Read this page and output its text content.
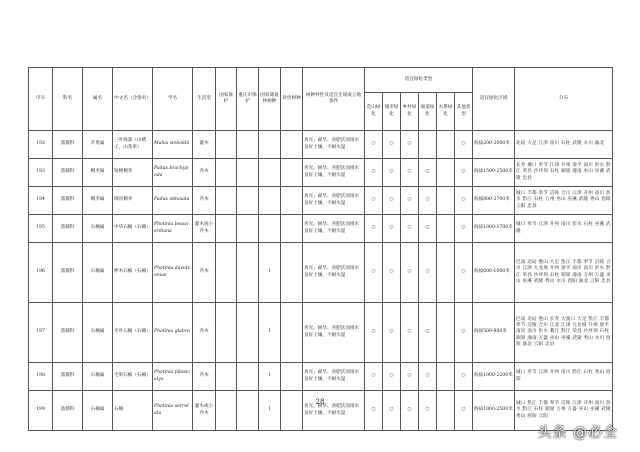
序号	科名	属名	中文名（含俗名）	学名	生活型	国家保护	重庆市保护	国家储备林树种	珍贵树种	树种特性及适宜生境或立地条件	适宜绿化类型						适宜绿化区域	分布
											荒山绿化	城市绿化	乡村绿化	通道绿化	水系绿化	其他类型		
192	蔷薇科	苹果属	三叶海棠（山楂子，山茶果）	Malus sieboldii	灌木					喜光、耐旱、喜肥沃而排水良好土壤，不耐水湿	○	○	○			○	海拔200-2000米	北碚 大足 江津 南川 石柱 武隆 永川 渝北
193	蔷薇科	稠李属	短梗稠李	Padus brachypoda	乔木					喜光、耐旱、喜肥沃而排水良好土壤，不耐水湿	○	○	○	○		○	海拔1500-2500米	长寿 城口 奉节 江津 开州 梁平 南川 彭水 黔江 荣昌 沙坪坝 石柱 铜梁 潼南 巫山 巫溪 武隆 忠县
194	蔷薇科	稠李属	细齿稠李	Padus obtusata	乔木					喜光、耐旱、喜肥沃而排水良好土壤，不耐水湿	○	○	○	○		○	海拔800-2700米	城口 丰都 奉节 涪陵 合川 江津 开州 南川 彭水 黔江 石柱 万州 巫山 巫溪 武隆 秀山 酉阳 云阳 忠县
195	蔷薇科	石楠属	中华石楠（石楠）	Photinia beauverdiana	灌木或小乔木					喜光、耐旱、喜肥沃而排水良好土壤，不耐水湿	○	○	○	○		○	海拔1000-1700米	城口 奉节 江津 开州 南川 彭水 石柱 巫溪 武隆
196	蔷薇科	石楠属	椤木石楠（石楠）	Photinia davidsoniae	乔木			I		喜光、耐旱、喜肥沃而排水良好土壤，不耐水湿	○	○	○	○		○	海拔600-1000米	巴南 北碚 璧山 大足 垫江 丰都 奉节 涪陵 合川 江津 九龙坡 开州 梁平 南岸 南川 彭水 黔江 荣昌 沙坪坝 石柱 铜梁 潼南 万州 万盛 巫山 巫溪 武隆 秀山 永川 酉阳 渝北 云阳 忠县
197	蔷薇科	石楠属	光叶石楠（石楠）	Photinia glabra	乔木			I		喜光、耐旱、喜肥沃而排水良好土壤，不耐水湿	○	○	○	○		○	海拔500-800米	巴南 北碚 璧山 长寿 大渡口 大足 垫江 丰都 奉节 涪陵 合川 江北 江津 九龙坡 开州 梁平 南岸 南川 彭水 綦江 黔江 荣昌 沙坪坝 石柱 铜梁 潼南 万盛 巫山 巫溪 武隆 秀山 永川 酉阳 渝北 云阳 忠县
198	蔷薇科	石楠属	毛果石楠（石楠）	Photinia pilosicalyx	乔木			I		喜光、耐旱、喜肥沃而排水良好土壤，不耐水湿	○	○	○	○		○	海拔1000-2200米	城口 奉节 江津 开州 南川 黔江 石柱 秀山 酉阳
199	蔷薇科	石楠属	石楠	Photinia serrulata	灌木或小乔木			I		喜光、耐旱、喜肥沃而排水良好土壤，不耐水湿	○	○	○	○		○	海拔1000-2500米	城口 垫江 丰都 奉节 涪陵 江津 开州 南川 彭水 黔江 石柱 铜梁 万州 万盛 巫山 巫溪 武隆 秀山 酉阳 云阳
28
头条 @必全
